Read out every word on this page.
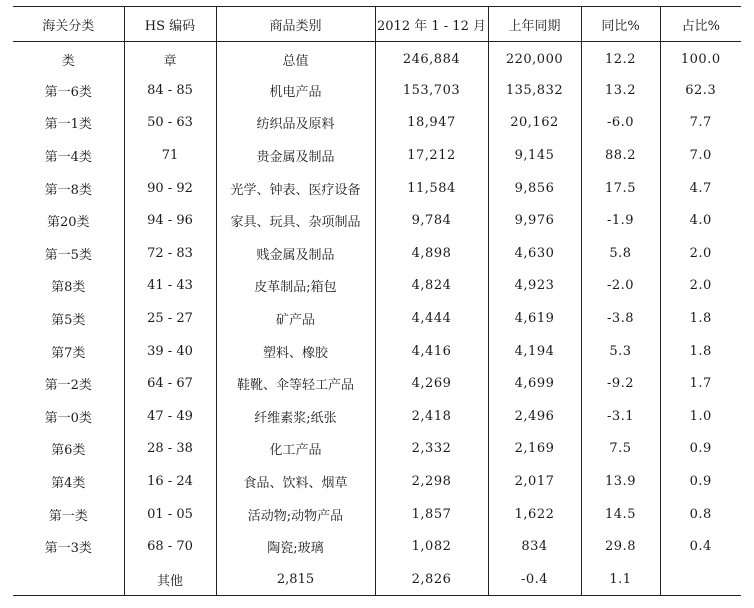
海关分类	HS 编码	商品类别	2012 年 1 - 12 月	上年同期	同比%	占比%
类	章	总值	246,884	220,000	12.2	100.0
第一6类	84 - 85	机电产品	153,703	135,832	13.2	62.3
第一1类	50 - 63	纺织品及原料	18,947	20,162	-6.0	7.7
第一4类	71	贵金属及制品	17,212	9,145	88.2	7.0
第一8类	90 - 92	光学、钟表、医疗设备	11,584	9,856	17.5	4.7
第20类	94 - 96	家具、玩具、杂项制品	9,784	9,976	-1.9	4.0
第一5类	72 - 83	贱金属及制品	4,898	4,630	5.8	2.0
第8类	41 - 43	皮革制品;箱包	4,824	4,923	-2.0	2.0
第5类	25 - 27	矿产品	4,444	4,619	-3.8	1.8
第7类	39 - 40	塑料、橡胶	4,416	4,194	5.3	1.8
第一2类	64 - 67	鞋靴、伞等轻工产品	4,269	4,699	-9.2	1.7
第一0类	47 - 49	纤维素浆;纸张	2,418	2,496	-3.1	1.0
第6类	28 - 38	化工产品	2,332	2,169	7.5	0.9
第4类	16 - 24	食品、饮料、烟草	2,298	2,017	13.9	0.9
第一类	01 - 05	活动物;动物产品	1,857	1,622	14.5	0.8
第一3类	68 - 70	陶瓷;玻璃	1,082	834	29.8	0.4
	其他	2,815	2,826	-0.4	1.1	
